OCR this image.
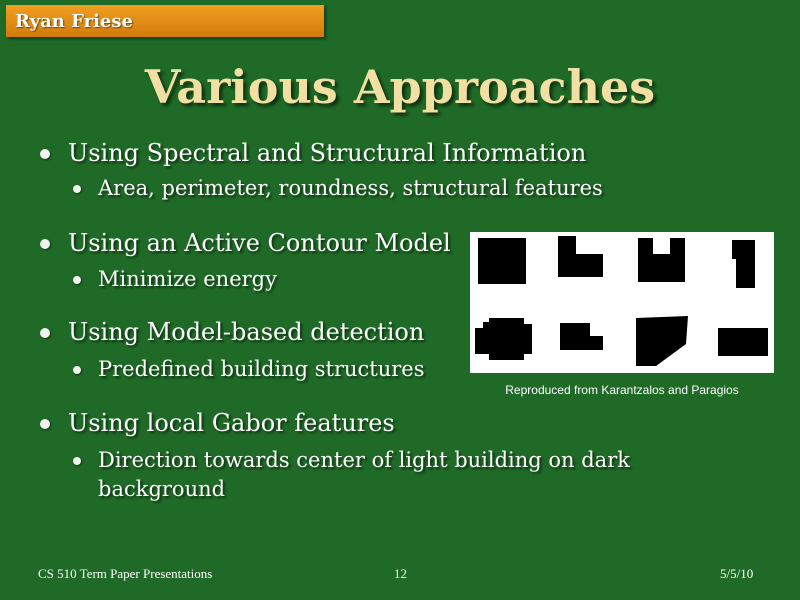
Ryan Friese
Various Approaches
Using Spectral and Structural Information
Area, perimeter, roundness, structural features
Using an Active Contour Model
Minimize energy
Using Model-based detection
Predefined building structures
Using local Gabor features
Direction towards center of light building on dark
background
Reproduced from Karantzalos and Paragios
CS 510 Term Paper Presentations	12	5/5/10
